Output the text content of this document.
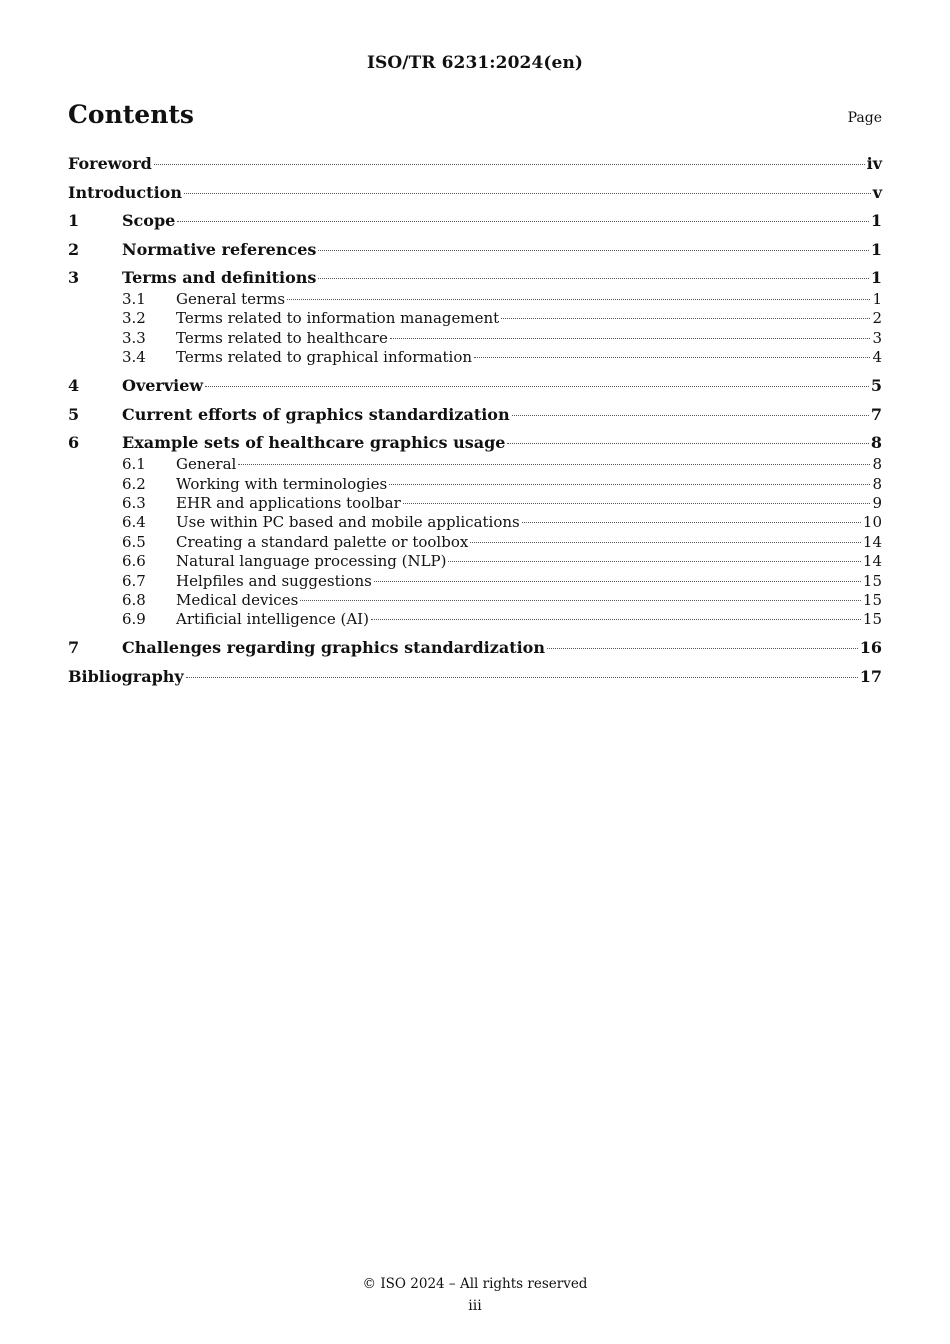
ISO/TR 6231:2024(en)
Contents	Page
Foreword	iv
Introduction	v
1	Scope	1
2	Normative references	1
3	Terms and definitions	1
3.1	General terms	1
3.2	Terms related to information management	2
3.3	Terms related to healthcare	3
3.4	Terms related to graphical information	4
4	Overview	5
5	Current efforts of graphics standardization	7
6	Example sets of healthcare graphics usage	8
6.1	General	8
6.2	Working with terminologies	8
6.3	EHR and applications toolbar	9
6.4	Use within PC based and mobile applications	10
6.5	Creating a standard palette or toolbox	14
6.6	Natural language processing (NLP)	14
6.7	Helpfiles and suggestions	15
6.8	Medical devices	15
6.9	Artificial intelligence (AI)	15
7	Challenges regarding graphics standardization	16
Bibliography	17
© ISO 2024 – All rights reserved
iii
